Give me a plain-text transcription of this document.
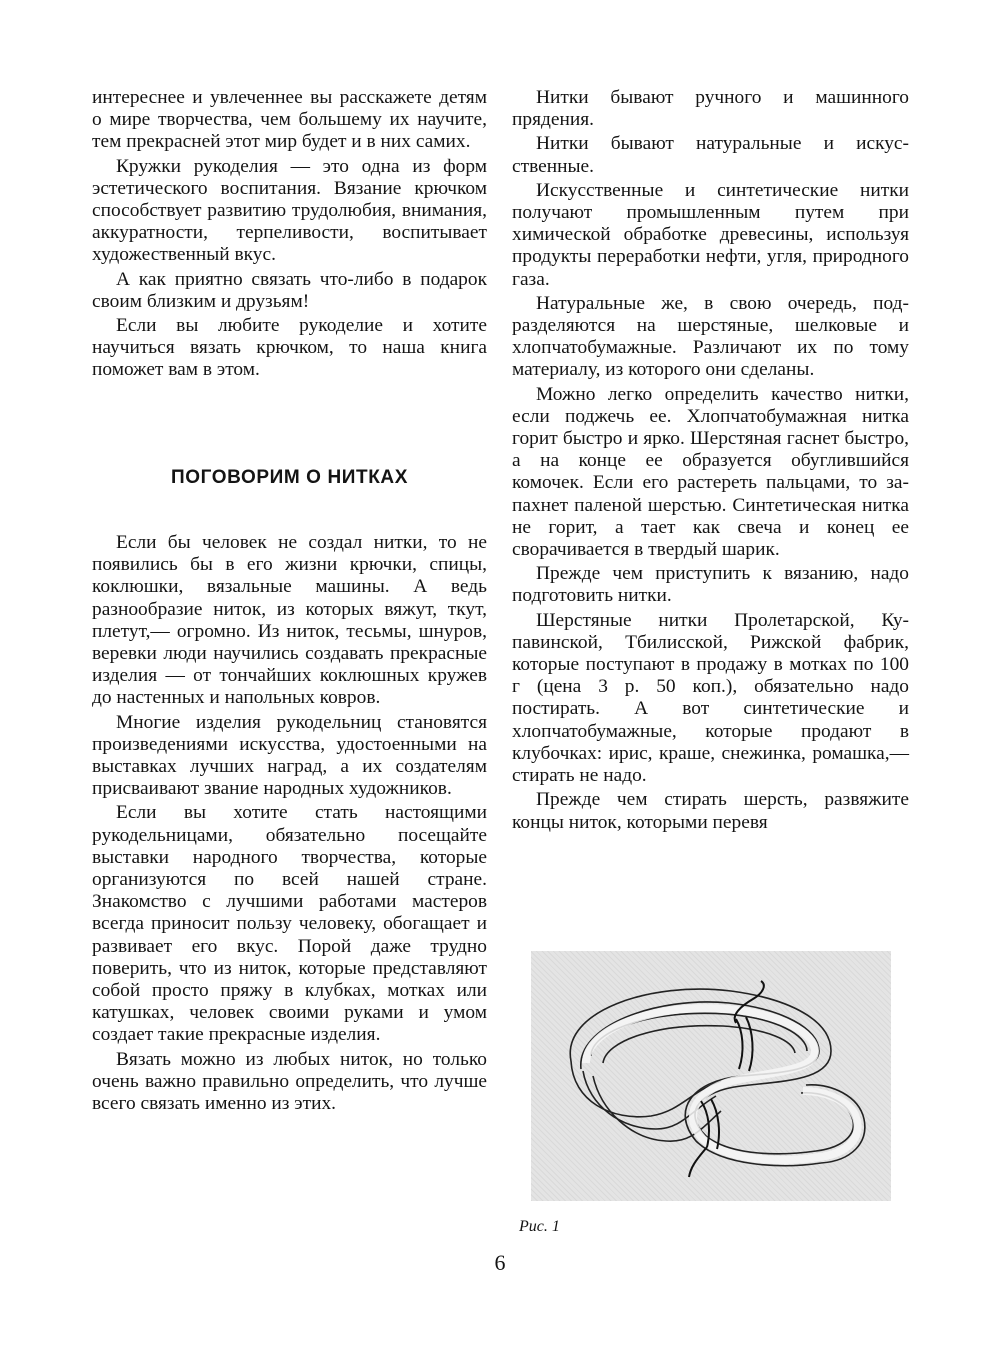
интереснее и увлеченнее вы расскажете детям о мире творчества, чем большему их научите, тем прекрасней этот мир будет и в них самих.

Кружки рукоделия — это одна из форм эстетического воспитания. Вязание крючком способствует развитию трудолюбия, внимания, аккуратности, терпеливости, воспитывает художественный вкус.

А как приятно связать что-либо в подарок своим близким и друзьям!

Если вы любите рукоделие и хотите научиться вязать крючком, то наша книга поможет вам в этом.

ПОГОВОРИМ О НИТКАХ

Если бы человек не создал нитки, то не появились бы в его жизни крючки, спицы, коклюшки, вязальные машины. А ведь разнообразие ниток, из которых вяжут, ткут, плетут,— огромно. Из ниток, тесьмы, шнуров, веревки люди научились создавать прекрасные изделия — от тончайших коклюшных кружев до настенных и напольных ковров.

Многие изделия рукодельниц становятся произведениями искусства, удостоенными на выставках лучших наград, а их создателям присваивают звание народных художников.

Если вы хотите стать настоящими рукодельницами, обязательно посещайте выставки народного творчества, которые организуются по всей нашей стране. Знакомство с лучшими работами мастеров всегда приносит пользу человеку, обогащает и развивает его вкус. Порой даже трудно поверить, что из ниток, которые представляют собой просто пряжу в клубках, мотках или катушках, человек своими руками и умом создает такие прекрасные изделия.

Вязать можно из любых ниток, но только очень важно правильно определить, что лучше всего связать именно из этих.

Нитки бывают ручного и машинного прядения.

Нитки бывают натуральные и искусственные.

Искусственные и синтетические нитки получают промышленным путем при химической обработке древесины, используя продукты переработки нефти, угля, природного газа.

Натуральные же, в свою очередь, подразделяются на шерстяные, шелковые и хлопчатобумажные. Различают их по тому материалу, из которого они сделаны.

Можно легко определить качество нитки, если поджечь ее. Хлопчатобумажная нитка горит быстро и ярко. Шерстяная гаснет быстро, а на конце ее образуется обуглившийся комочек. Если его растереть пальцами, то запахнет паленой шерстью. Синтетическая нитка не горит, а тает как свеча и конец ее сворачивается в твердый шарик.

Прежде чем приступить к вязанию, надо подготовить нитки.

Шерстяные нитки Пролетарской, Купавинской, Тбилисской, Рижской фабрик, которые поступают в продажу в мотках по 100 г (цена 3 р. 50 коп.), обязательно надо постирать. А вот синтетические и хлопчатобумажные, которые продают в клубочках: ирис, краше, снежинка, ромашка,— стирать не надо.

Прежде чем стирать шерсть, развяжите концы ниток, которыми перевя

Рис. 1
6
